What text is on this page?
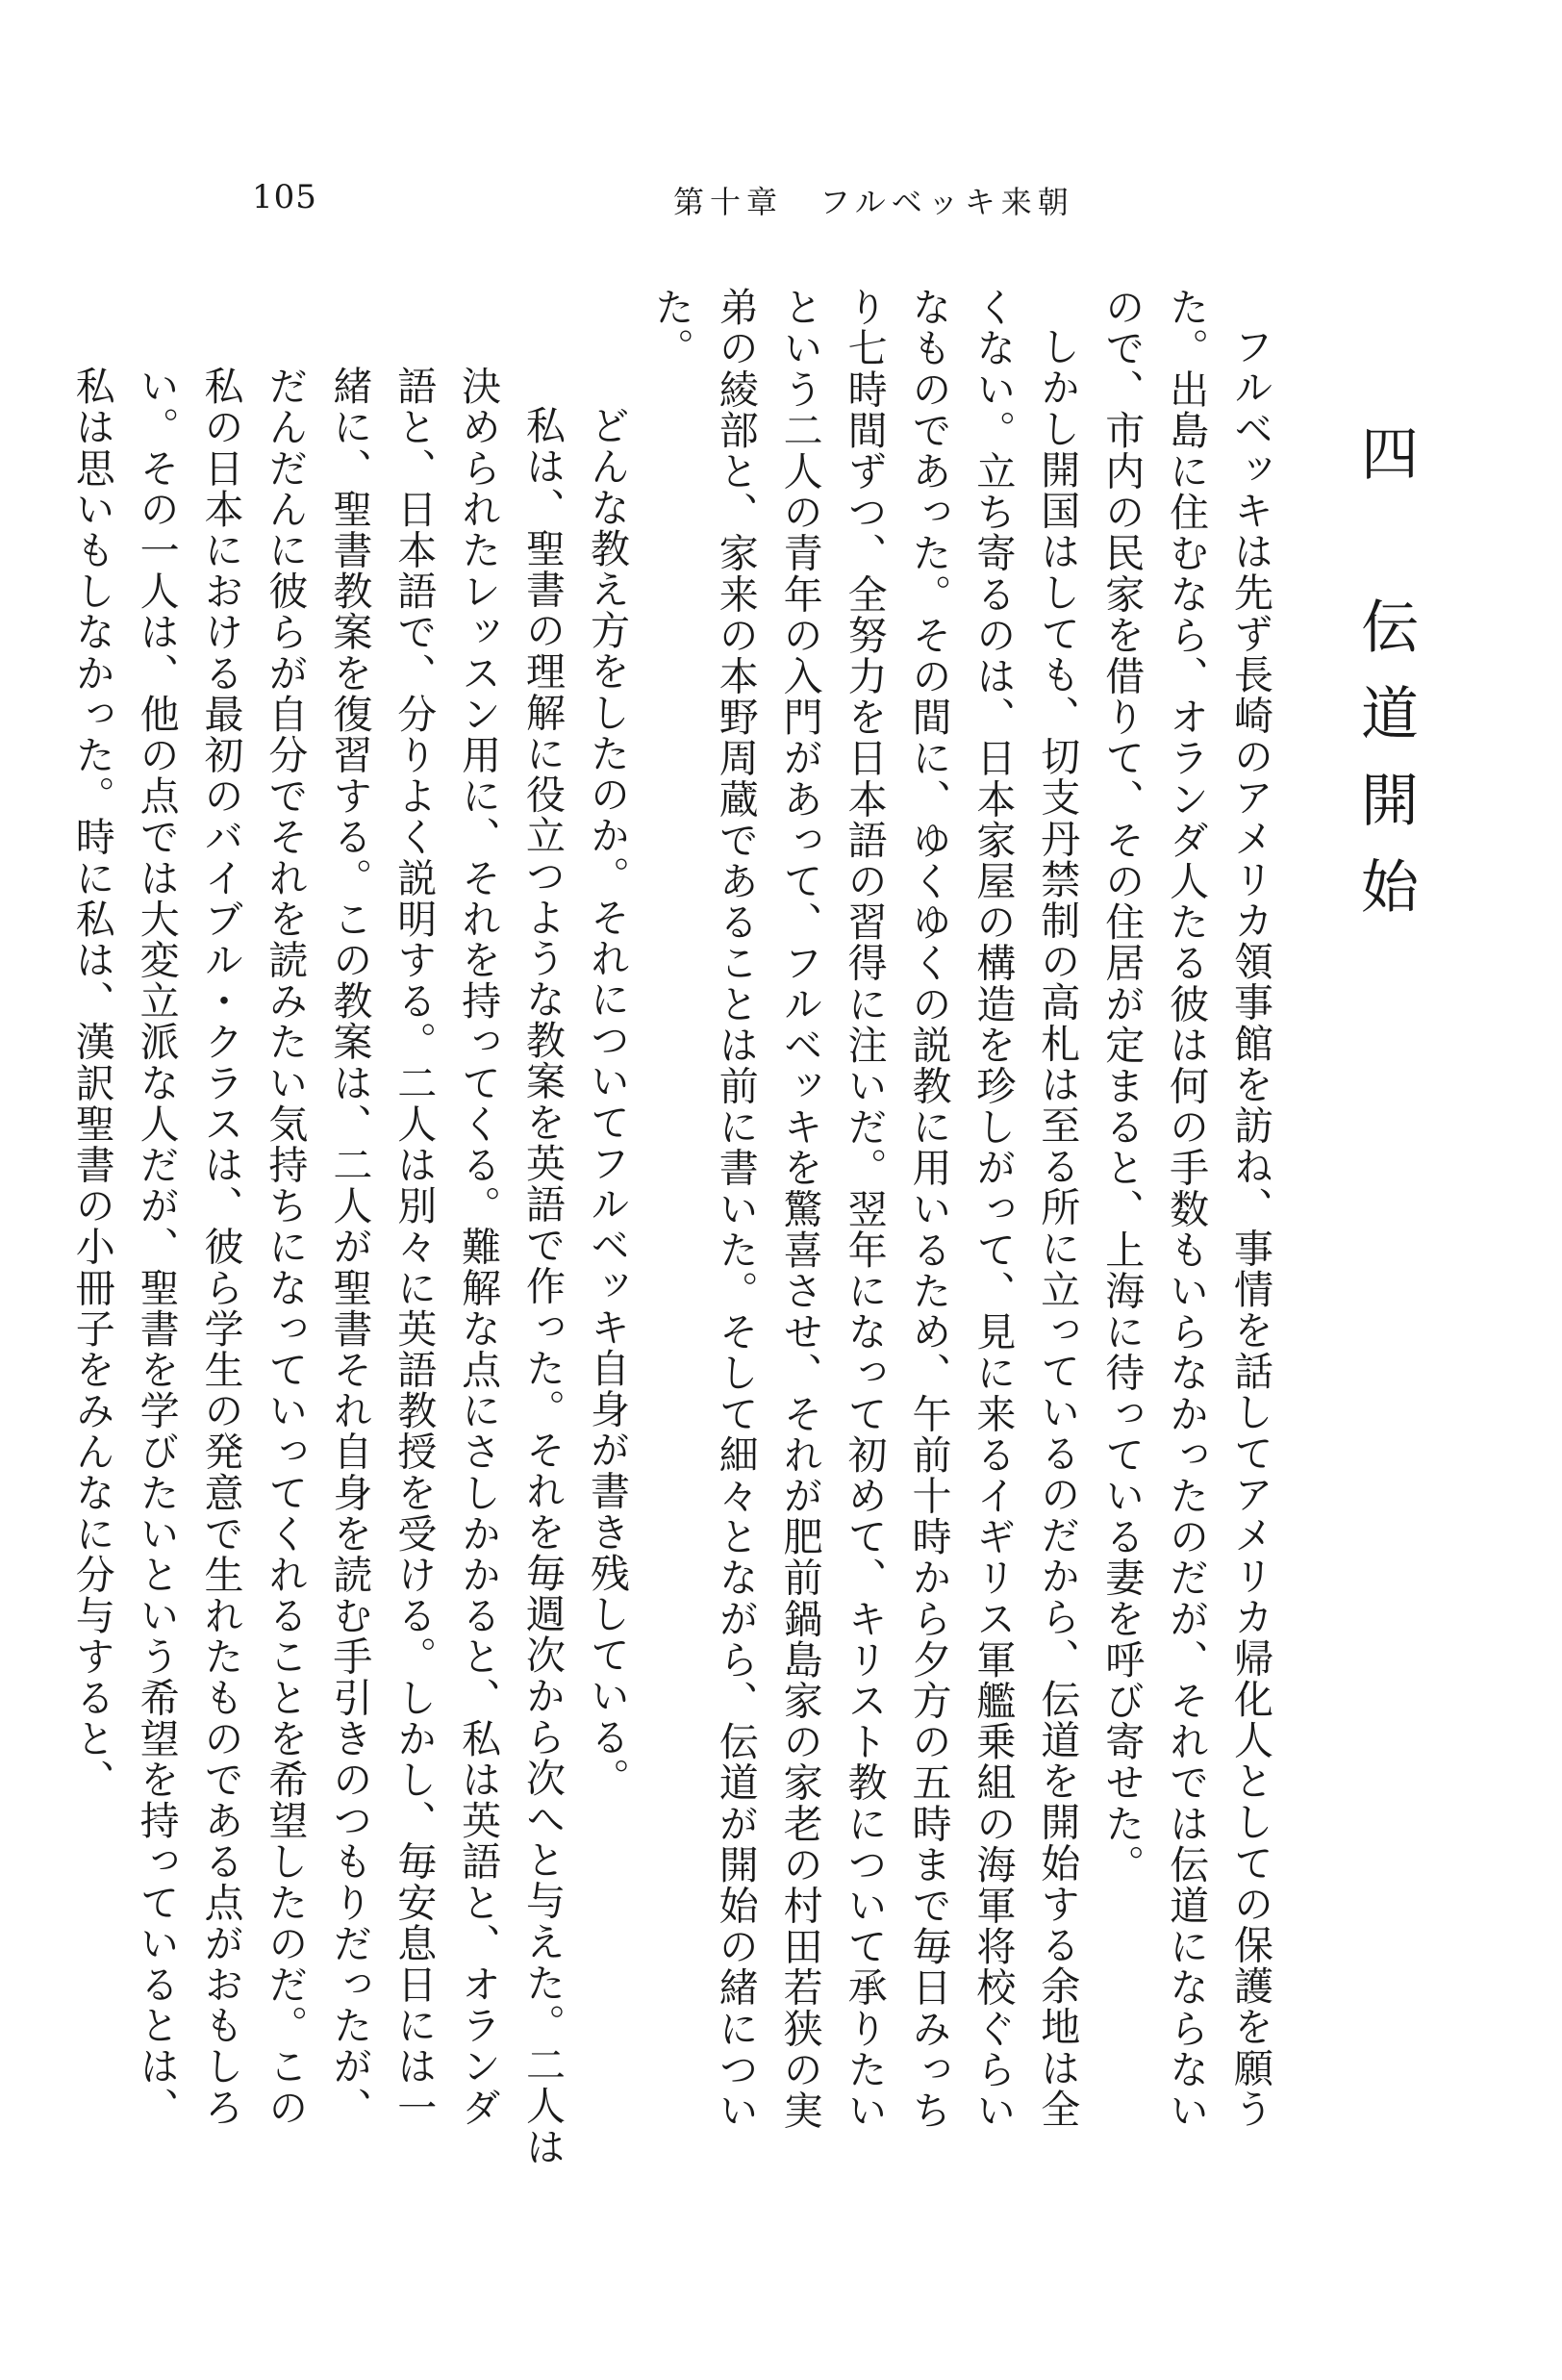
105	第十章　フルベッキ来朝
四　伝道開始

フルベッキは先ず長崎のアメリカ領事館を訪ね、事情を話してアメリカ帰化人としての保護を願うた。出島に住むなら、オランダ人たる彼は何の手数もいらなかったのだが、それでは伝道にならないので、市内の民家を借りて、その住居が定まると、上海に待っている妻を呼び寄せた。

しかし開国はしても、切支丹禁制の高札は至る所に立っているのだから、伝道を開始する余地は全くない。立ち寄るのは、日本家屋の構造を珍しがって、見に来るイギリス軍艦乗組の海軍将校ぐらいなものであった。その間に、ゆくゆくの説教に用いるため、午前十時から夕方の五時まで毎日みっちり七時間ずつ、全努力を日本語の習得に注いだ。翌年になって初めて、キリスト教について承りたいという二人の青年の入門があって、フルベッキを驚喜させ、それが肥前鍋島家の家老の村田若狭の実弟の綾部と、家来の本野周蔵であることは前に書いた。そして細々とながら、伝道が開始の緒についた。

どんな教え方をしたのか。それについてフルベッキ自身が書き残している。

私は、聖書の理解に役立つような教案を英語で作った。それを毎週次から次へと与えた。二人は決められたレッスン用に、それを持ってくる。難解な点にさしかかると、私は英語と、オランダ語と、日本語で、分りよく説明する。二人は別々に英語教授を受ける。しかし、毎安息日には一緒に、聖書教案を復習する。この教案は、二人が聖書それ自身を読む手引きのつもりだったが、だんだんに彼らが自分でそれを読みたい気持ちになっていってくれることを希望したのだ。この私の日本における最初のバイブル・クラスは、彼ら学生の発意で生れたものである点がおもしろい。その一人は、他の点では大変立派な人だが、聖書を学びたいという希望を持っているとは、私は思いもしなかった。時に私は、漢訳聖書の小冊子をみんなに分与すると、
